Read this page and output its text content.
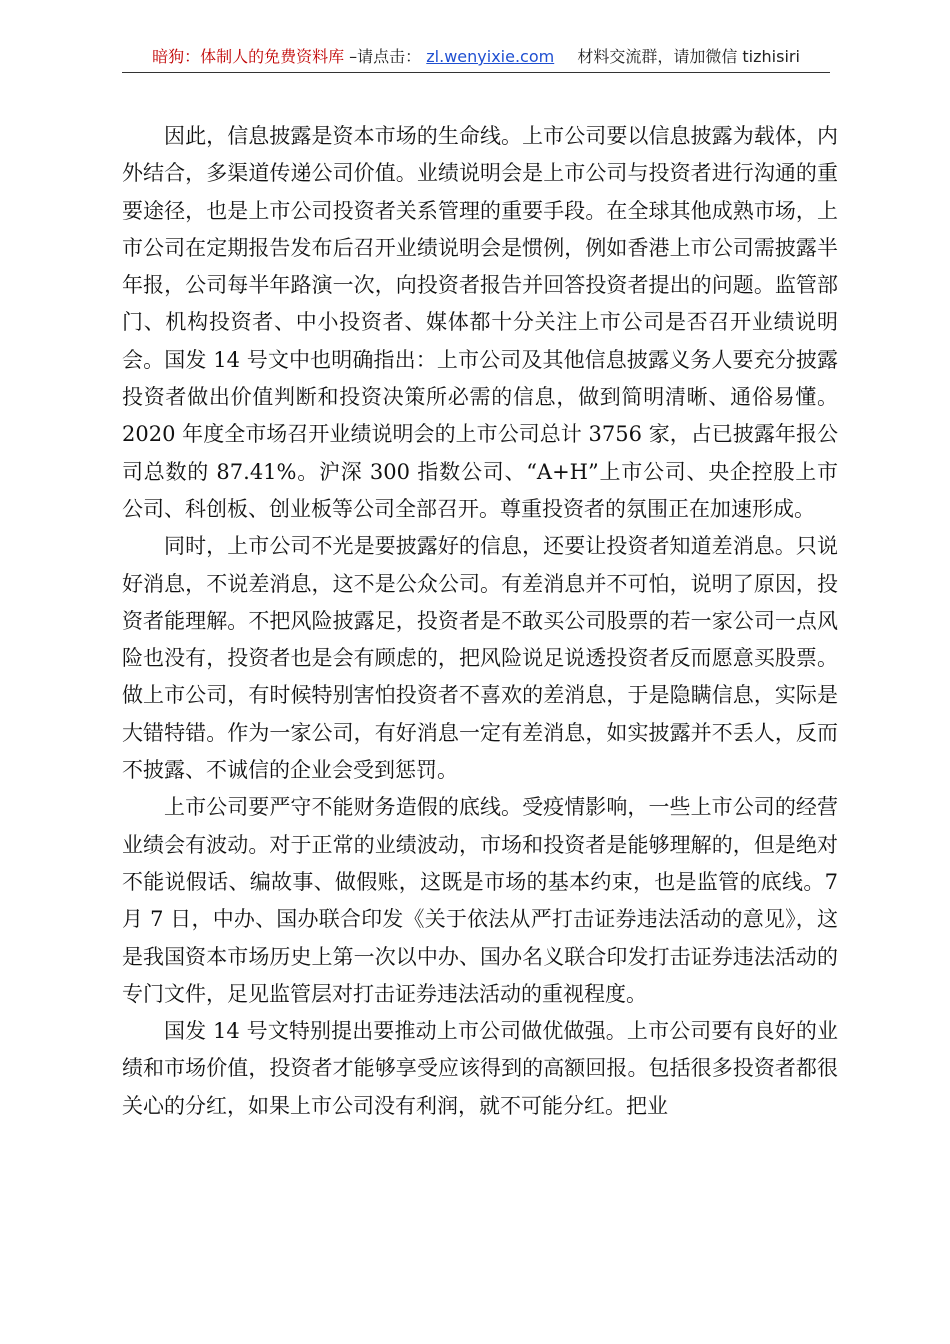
暗狗：体制人的免费资料库 –请点击： zl.wenyixie.com 材料交流群，请加微信 tizhisiri

因此，信息披露是资本市场的生命线。上市公司要以信息披露为载体，内外结合，多渠道传递公司价值。业绩说明会是上市公司与投资者进行沟通的重要途径，也是上市公司投资者关系管理的重要手段。在全球其他成熟市场，上市公司在定期报告发布后召开业绩说明会是惯例，例如香港上市公司需披露半年报，公司每半年路演一次，向投资者报告并回答投资者提出的问题。监管部门、机构投资者、中小投资者、媒体都十分关注上市公司是否召开业绩说明会。国发 14 号文中也明确指出：上市公司及其他信息披露义务人要充分披露投资者做出价值判断和投资决策所必需的信息，做到简明清晰、通俗易懂。2020 年度全市场召开业绩说明会的上市公司总计 3756 家，占已披露年报公司总数的 87.41%。沪深 300 指数公司、“A+H”上市公司、央企控股上市公司、科创板、创业板等公司全部召开。尊重投资者的氛围正在加速形成。

同时，上市公司不光是要披露好的信息，还要让投资者知道差消息。只说好消息，不说差消息，这不是公众公司。有差消息并不可怕，说明了原因，投资者能理解。不把风险披露足，投资者是不敢买公司股票的若一家公司一点风险也没有，投资者也是会有顾虑的，把风险说足说透投资者反而愿意买股票。做上市公司，有时候特别害怕投资者不喜欢的差消息，于是隐瞒信息，实际是大错特错。作为一家公司，有好消息一定有差消息，如实披露并不丢人，反而不披露、不诚信的企业会受到惩罚。

上市公司要严守不能财务造假的底线。受疫情影响，一些上市公司的经营业绩会有波动。对于正常的业绩波动，市场和投资者是能够理解的，但是绝对不能说假话、编故事、做假账，这既是市场的基本约束，也是监管的底线。7 月 7 日，中办、国办联合印发《关于依法从严打击证券违法活动的意见》，这是我国资本市场历史上第一次以中办、国办名义联合印发打击证券违法活动的专门文件，足见监管层对打击证券违法活动的重视程度。

国发 14 号文特别提出要推动上市公司做优做强。上市公司要有良好的业绩和市场价值，投资者才能够享受应该得到的高额回报。包括很多投资者都很关心的分红，如果上市公司没有利润，就不可能分红。把业
